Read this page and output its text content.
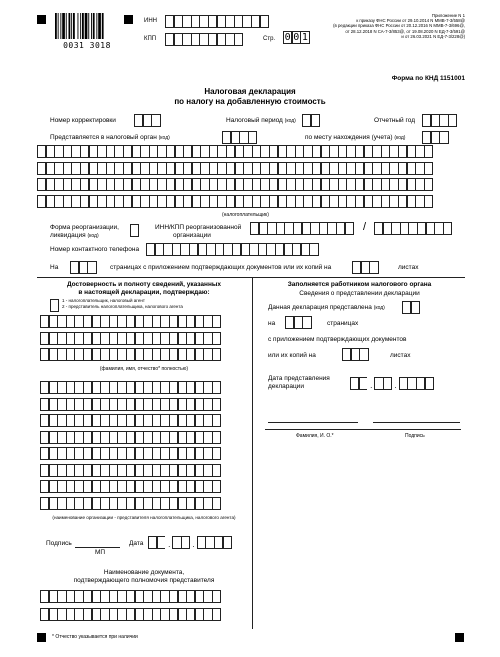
0031 3018
ИНН
КПП	Стр. 0 0 1
Приложение N 1
к приказу ФНС России от 29.10.2014 N ММВ-7-3/558@
(в редакции приказа ФНС России от 20.12.2016 N ММВ-7-3/696@,
от 28.12.2018 N СА-7-3/853@, от 19.08.2020 N ЕД-7-3/591@
и от 26.03.2021 N ЕД-7-3/228@)
Форма по КНД 1151001
Налоговая декларация
по налогу на добавленную стоимость
Номер корректировки	Налоговый период (код)	Отчетный год
Представляется в налоговый орган (код)	по месту нахождения (учета) (код)
(налогоплательщик)
Форма реорганизации,
ликвидация (код)
ИНН/КПП реорганизованной
организации
/
Номер контактного телефона
На	страницах с приложением подтверждающих документов или их копий на	листах
Достоверность и полноту сведений, указанных
в настоящей декларации, подтверждаю:
1 - налогоплательщик, налоговый агент
2 - представитель налогоплательщика, налогового агента
(фамилия, имя, отчество* полностью)
(наименование организации - представителя налогоплательщика, налогового агента)
Подпись	Дата	.	.
МП
Наименование документа,
подтверждающего полномочия представителя
Заполняется работником налогового органа
Сведения о представлении декларации
Данная декларация представлена (код)
на	страницах
с приложением подтверждающих документов
или их копий на	листах
Дата представления
декларации	.	.
Фамилия, И. О.*	Подпись
* Отчество указывается при наличии
